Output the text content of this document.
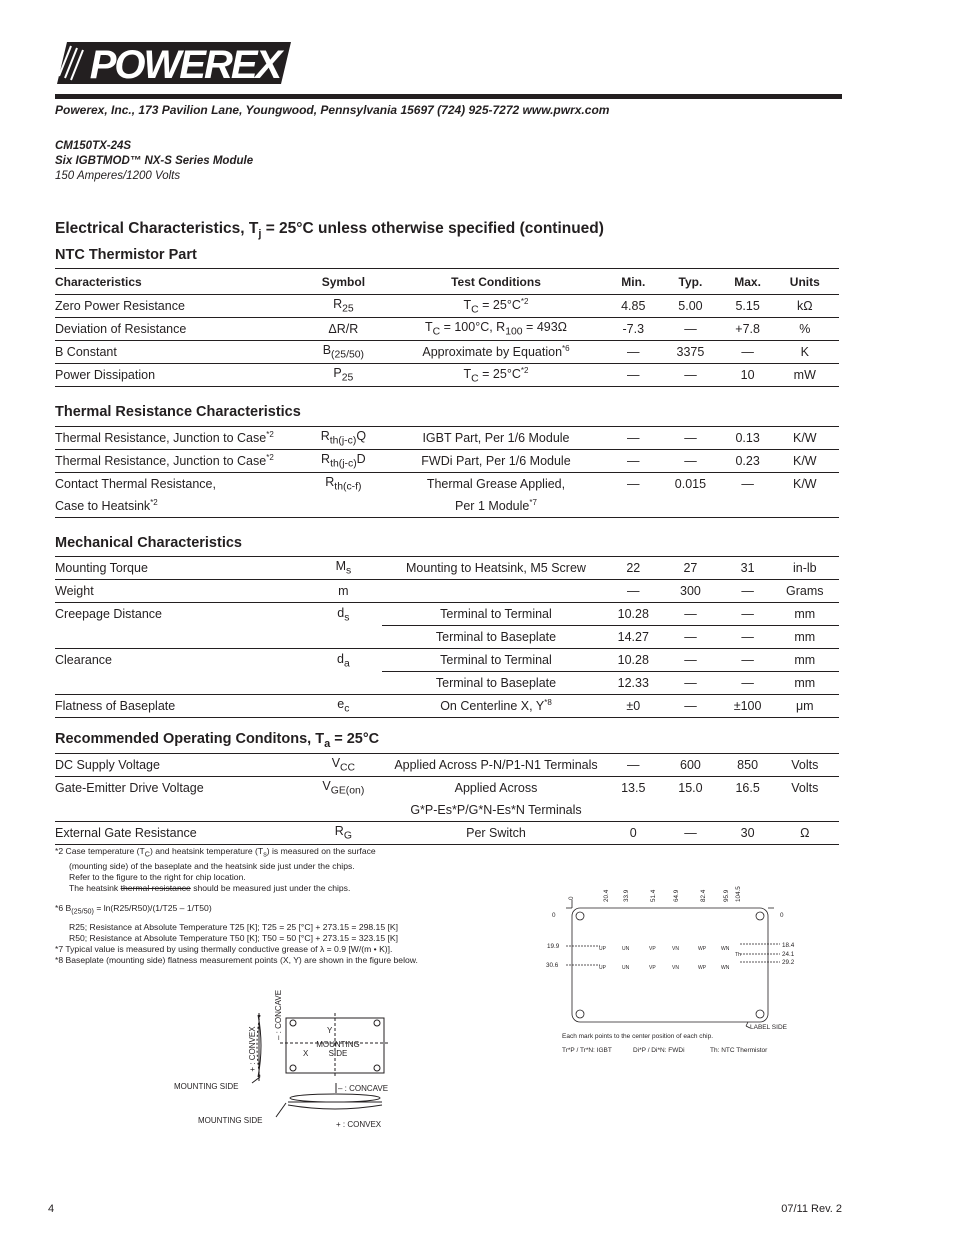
POWEREX
Powerex, Inc., 173 Pavilion Lane, Youngwood, Pennsylvania 15697 (724) 925-7272 www.pwrx.com
CM150TX-24S
Six IGBTMOD™ NX-S Series Module
150 Amperes/1200 Volts
Electrical Characteristics, $T_j = 25^\circ C$ unless otherwise specified (continued)
NTC Thermistor Part
Characteristics	Symbol	Test Conditions	Min.	Typ.	Max.	Units
Zero Power Resistance	$R_{25}$	$T_C = 25^\circ C^{*2}$	4.85	5.00	5.15	kΩ
Deviation of Resistance	ΔR/R	$T_C = 100^\circ C$, $R_{100} = 493\Omega$	-7.3	—	+7.8	%
B Constant	$B_{(25/50)}$	Approximate by Equation$^{*6}$	—	3375	—	K
Power Dissipation	$P_{25}$	$T_C = 25^\circ C^{*2}$	—	—	10	mW
Thermal Resistance Characteristics
Thermal Resistance, Junction to Case$^{*2}$	$R_{th(j-c)}Q$	IGBT Part, Per 1/6 Module	—	—	0.13	K/W
Thermal Resistance, Junction to Case$^{*2}$	$R_{th(j-c)}D$	FWDi Part, Per 1/6 Module	—	—	0.23	K/W
Contact Thermal Resistance,	$R_{th(c-f)}$	Thermal Grease Applied,	—	0.015	—	K/W
Case to Heatsink$^{*2}$		Per 1 Module$^{*7}$				
Mechanical Characteristics
Mounting Torque	$M_s$	Mounting to Heatsink, M5 Screw	22	27	31	in-lb
Weight	m		—	300	—	Grams
Creepage Distance	$d_s$	Terminal to Terminal	10.28	—	—	mm
		Terminal to Baseplate	14.27	—	—	mm
Clearance	$d_a$	Terminal to Terminal	10.28	—	—	mm
		Terminal to Baseplate	12.33	—	—	mm
Flatness of Baseplate	$e_c$	On Centerline X, $Y^{*8}$	±0	—	±100	μm
Recommended Operating Conditons, $T_a = 25^\circ C$
DC Supply Voltage	$V_{CC}$	Applied Across P-N/P1-N1 Terminals	—	600	850	Volts
Gate-Emitter Drive Voltage	$V_{GE(on)}$	Applied Across	13.5	15.0	16.5	Volts
		G*P-Es*P/G*N-Es*N Terminals				
External Gate Resistance	$R_G$	Per Switch	0	—	30	Ω
*2 Case temperature $(T_C)$ and heatsink temperature $(T_s)$ is measured on the surface
(mounting side) of the baseplate and the heatsink side just under the chips.
Refer to the figure to the right for chip location.
The heatsink thermal resistance should be measured just under the chips.
*6 $B_{(25/50)} = \ln(R25/R50)/(1/T25 - 1/T50)$
R25; Resistance at Absolute Temperature T25 [K]; T25 = 25 [°C] + 273.15 = 298.15 [K]
R50; Resistance at Absolute Temperature T50 [K]; T50 = 50 [°C] + 273.15 = 323.15 [K]
*7 Typical value is measured by using thermally conductive grease of λ = 0.9 [W/(m • K)].
*8 Baseplate (mounting side) flatness measurement points (X, Y) are shown in the figure below.
+ : CONVEX
– : CONCAVE	Y
X
MOUNTING
SIDE
MOUNTING SIDE	– : CONCAVE
MOUNTING SIDE	+ : CONVEX
0	20.4 33.9	51.4	64.9	82.4	95.9 104.5
0
19.9
30.6
0
18.4
24.1
29.2
UP	UN	VP	VN	WP	WN
UP	UN	VP	VN	WP	WN
Th
LABEL SIDE
Each mark points to the center position of each chip.
Tr*P / Tr*N: IGBT	Di*P / Di*N: FWDi	Th: NTC Thermistor
4	07/11 Rev. 2
